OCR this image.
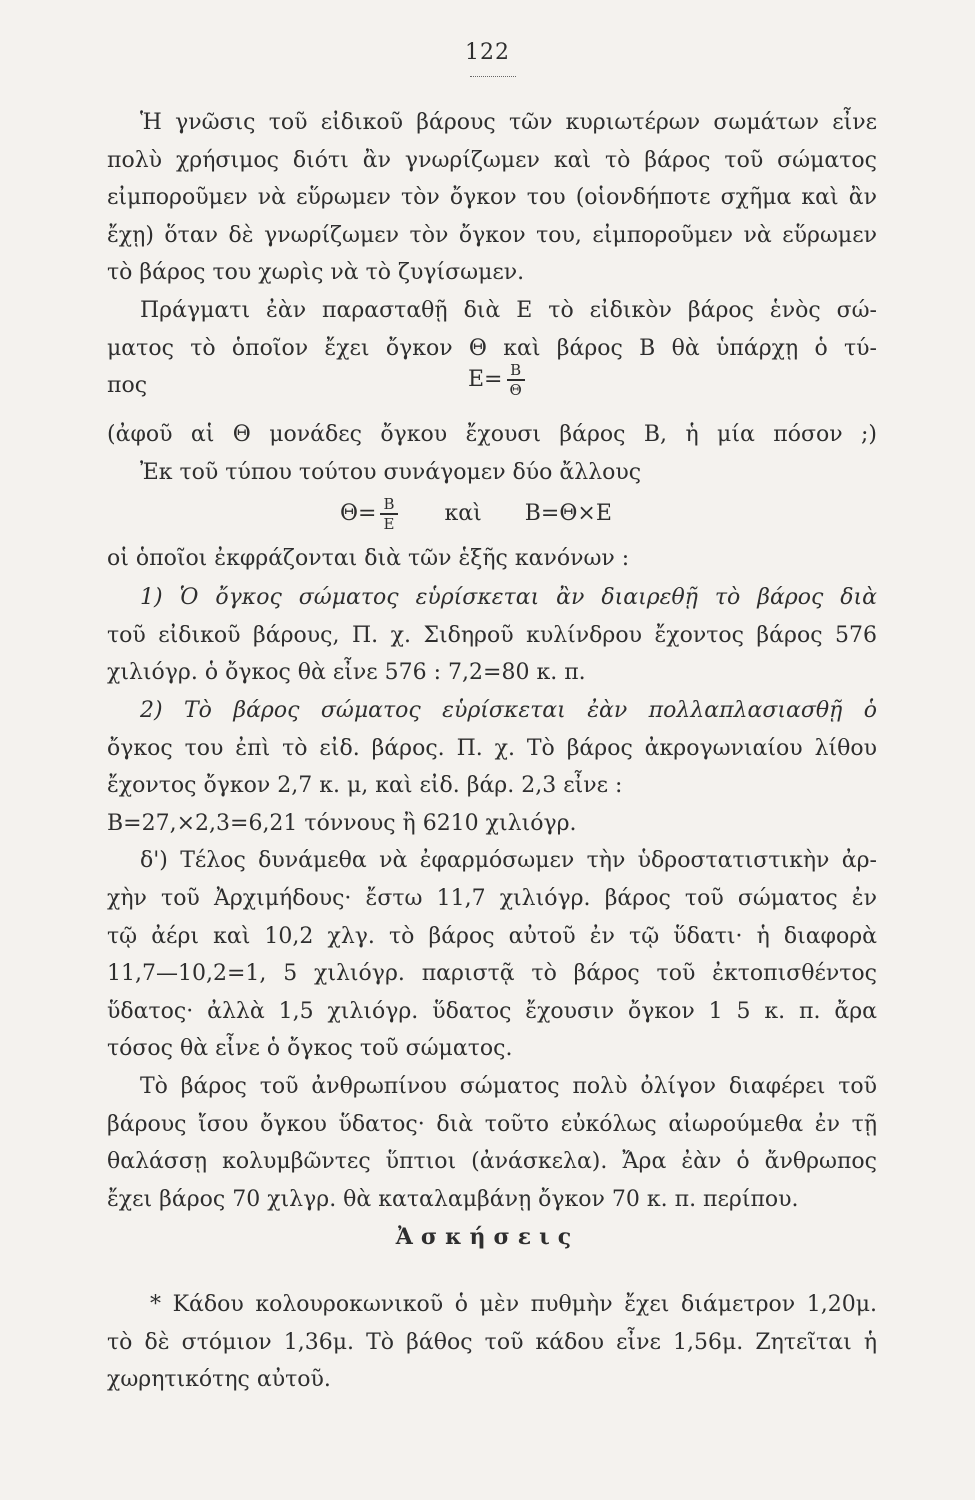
122
Ἡ γνῶσις τοῦ εἰδικοῦ βάρους τῶν κυριωτέρων σωμάτων εἶνε
πολὺ χρήσιμος διότι ἂν γνωρίζωμεν καὶ τὸ βάρος τοῦ σώματος
εἰμποροῦμεν νὰ εὕρωμεν τὸν ὄγκον του (οἱονδήποτε σχῆμα καὶ ἂν
ἔχῃ) ὅταν δὲ γνωρίζωμεν τὸν ὄγκον του, εἰμποροῦμεν νὰ εὕρωμεν
τὸ βάρος του χωρὶς νὰ τὸ ζυγίσωμεν.
Πράγματι ἐὰν παρασταθῇ διὰ Ε τὸ εἰδικὸν βάρος ἑνὸς σώ-
ματος τὸ ὁποῖον ἔχει ὄγκον Θ καὶ βάρος Β θὰ ὑπάρχῃ ὁ τύ-
πος	$E= \frac{B}{\Theta}$
(ἀφοῦ αἱ Θ μονάδες ὄγκου ἔχουσι βάρος Β, ἡ μία πόσον ;)
Ἐκ τοῦ τύπου τούτου συνάγομεν δύο ἄλλους
$\Theta= \frac{B}{E}$ καὶ Β=Θ×Ε
οἱ ὁποῖοι ἐκφράζονται διὰ τῶν ἑξῆς κανόνων :
1) Ὁ ὄγκος σώματος εὑρίσκεται ἂν διαιρεθῇ τὸ βάρος διὰ
τοῦ εἰδικοῦ βάρους, Π. χ. Σιδηροῦ κυλίνδρου ἔχοντος βάρος 576
χιλιόγρ. ὁ ὄγκος θὰ εἶνε 576 : 7,2=80 κ. π.
2) Τὸ βάρος σώματος εὑρίσκεται ἐὰν πολλαπλασιασθῇ ὁ
ὄγκος του ἐπὶ τὸ εἰδ. βάρος. Π. χ. Τὸ βάρος ἀκρογωνιαίου λίθου
ἔχοντος ὄγκον 2,7 κ. μ, καὶ εἰδ. βάρ. 2,3 εἶνε :
Β=27,×2,3=6,21 τόννους ἢ 6210 χιλιόγρ.
δ') Τέλος δυνάμεθα νὰ ἐφαρμόσωμεν τὴν ὑδροστατιστικὴν ἀρ-
χὴν τοῦ Ἀρχιμήδους· ἔστω 11,7 χιλιόγρ. βάρος τοῦ σώματος ἐν
τῷ ἀέρι καὶ 10,2 χλγ. τὸ βάρος αὐτοῦ ἐν τῷ ὕδατι· ἡ διαφορὰ
11,7—10,2=1, 5 χιλιόγρ. παριστᾷ τὸ βάρος τοῦ ἐκτοπισθέντος
ὕδατος· ἀλλὰ 1,5 χιλιόγρ. ὕδατος ἔχουσιν ὄγκον 1 5 κ. π. ἄρα
τόσος θὰ εἶνε ὁ ὄγκος τοῦ σώματος.
Τὸ βάρος τοῦ ἀνθρωπίνου σώματος πολὺ ὀλίγον διαφέρει τοῦ
βάρους ἴσου ὄγκου ὕδατος· διὰ τοῦτο εὐκόλως αἰωρούμεθα ἐν τῇ
θαλάσσῃ κολυμβῶντες ὕπτιοι (ἀνάσκελα). Ἄρα ἐὰν ὁ ἄνθρωπος
ἔχει βάρος 70 χιλγρ. θὰ καταλαμβάνῃ ὄγκον 70 κ. π. περίπου.
Ἀσκήσεις
* Κάδου κολουροκωνικοῦ ὁ μὲν πυθμὴν ἔχει διάμετρον 1,20μ.
τὸ δὲ στόμιον 1,36μ. Τὸ βάθος τοῦ κάδου εἶνε 1,56μ. Ζητεῖται ἡ
χωρητικότης αὐτοῦ.
